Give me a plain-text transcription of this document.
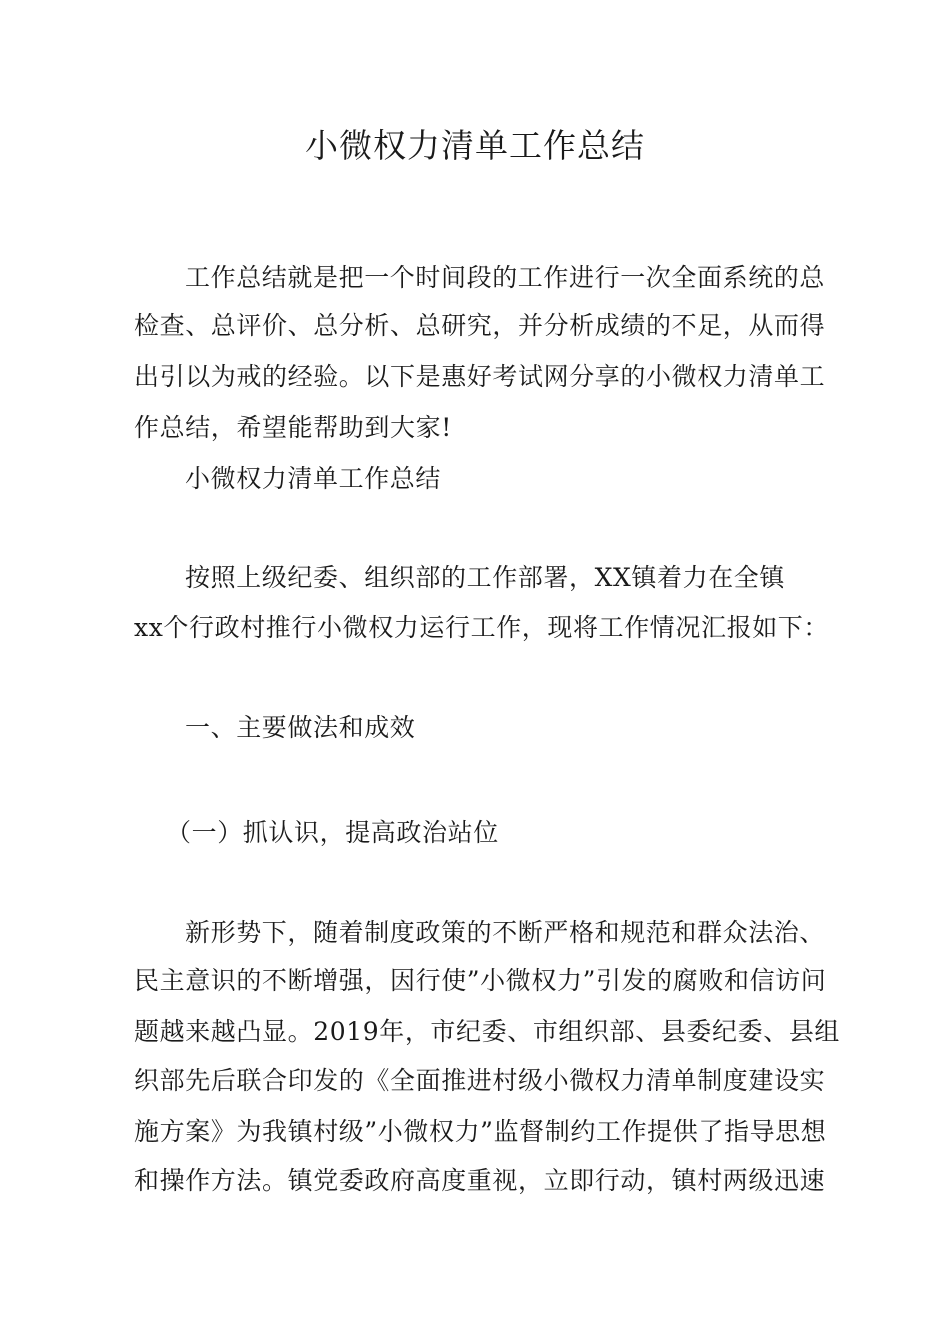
小微权力清单工作总结
工作总结就是把一个时间段的工作进行一次全面系统的总
检查、总评价、总分析、总研究，并分析成绩的不足，从而得
出引以为戒的经验。以下是惠好考试网分享的小微权力清单工
作总结，希望能帮助到大家!
小微权力清单工作总结
按照上级纪委、组织部的工作部署，XX镇着力在全镇
xx个行政村推行小微权力运行工作，现将工作情况汇报如下：
一、主要做法和成效
（一）抓认识，提高政治站位
新形势下，随着制度政策的不断严格和规范和群众法治、
民主意识的不断增强，因行使”小微权力”引发的腐败和信访问
题越来越凸显。2019年，市纪委、市组织部、县委纪委、县组
织部先后联合印发的《全面推进村级小微权力清单制度建设实
施方案》为我镇村级”小微权力”监督制约工作提供了指导思想
和操作方法。镇党委政府高度重视，立即行动，镇村两级迅速
